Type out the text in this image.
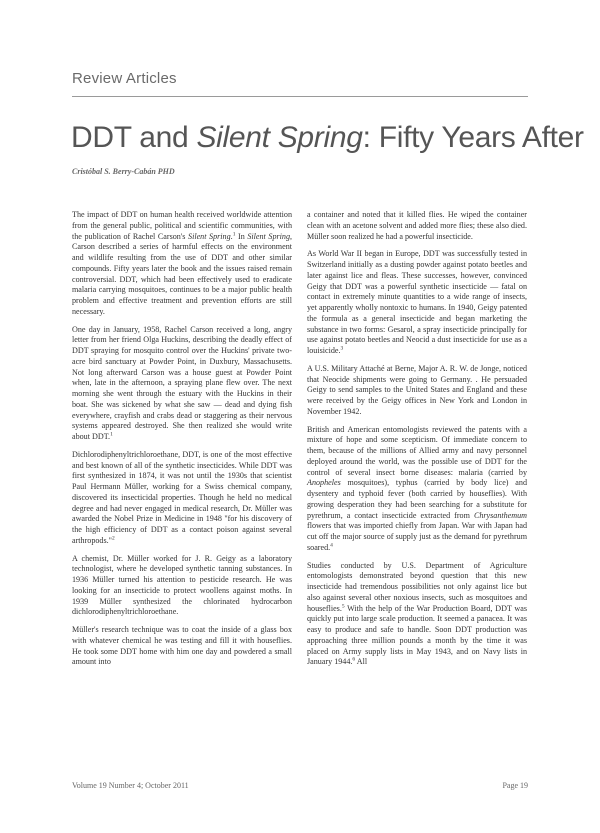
Review Articles
DDT and Silent Spring: Fifty Years After
Cristóbal S. Berry-Cabán PHD

The impact of DDT on human health received worldwide attention from the general public, political and scientific communities, with the publication of Rachel Carson's Silent Spring.$^1$ In Silent Spring, Carson described a series of harmful effects on the environment and wildlife resulting from the use of DDT and other similar compounds. Fifty years later the book and the issues raised remain controversial. DDT, which had been effectively used to eradicate malaria carrying mosquitoes, continues to be a major public health problem and effective treatment and prevention efforts are still necessary.

One day in January, 1958, Rachel Carson received a long, angry letter from her friend Olga Huckins, describing the deadly effect of DDT spraying for mosquito control over the Huckins' private two-acre bird sanctuary at Powder Point, in Duxbury, Massachusetts. Not long afterward Carson was a house guest at Powder Point when, late in the afternoon, a spraying plane flew over. The next morning she went through the estuary with the Huckins in their boat. She was sickened by what she saw — dead and dying fish everywhere, crayfish and crabs dead or staggering as their nervous systems appeared destroyed. She then realized she would write about DDT.$^1$

Dichlorodiphenyltrichloroethane, DDT, is one of the most effective and best known of all of the synthetic insecticides. While DDT was first synthesized in 1874, it was not until the 1930s that scientist Paul Hermann Müller, working for a Swiss chemical company, discovered its insecticidal properties. Though he held no medical degree and had never engaged in medical research, Dr. Müller was awarded the Nobel Prize in Medicine in 1948 "for his discovery of the high efficiency of DDT as a contact poison against several arthropods."$^2$

A chemist, Dr. Müller worked for J. R. Geigy as a laboratory technologist, where he developed synthetic tanning substances. In 1936 Müller turned his attention to pesticide research. He was looking for an insecticide to protect woollens against moths. In 1939 Müller synthesized the chlorinated hydrocarbon dichlorodiphenyltrichloroethane.

Müller's research technique was to coat the inside of a glass box with whatever chemical he was testing and fill it with houseflies. He took some DDT home with him one day and powdered a small amount into

a container and noted that it killed flies. He wiped the container clean with an acetone solvent and added more flies; these also died. Müller soon realized he had a powerful insecticide.

As World War II began in Europe, DDT was successfully tested in Switzerland initially as a dusting powder against potato beetles and later against lice and fleas. These successes, however, convinced Geigy that DDT was a powerful synthetic insecticide — fatal on contact in extremely minute quantities to a wide range of insects, yet apparently wholly nontoxic to humans. In 1940, Geigy patented the formula as a general insecticide and began marketing the substance in two forms: Gesarol, a spray insecticide principally for use against potato beetles and Neocid a dust insecticide for use as a louisicide.$^3$

A U.S. Military Attaché at Berne, Major A. R. W. de Jonge, noticed that Neocide shipments were going to Germany. . He persuaded Geigy to send samples to the United States and England and these were received by the Geigy offices in New York and London in November 1942.

British and American entomologists reviewed the patents with a mixture of hope and some scepticism. Of immediate concern to them, because of the millions of Allied army and navy personnel deployed around the world, was the possible use of DDT for the control of several insect borne diseases: malaria (carried by Anopheles mosquitoes), typhus (carried by body lice) and dysentery and typhoid fever (both carried by houseflies). With growing desperation they had been searching for a substitute for pyrethrum, a contact insecticide extracted from Chrysanthemum flowers that was imported chiefly from Japan. War with Japan had cut off the major source of supply just as the demand for pyrethrum soared.$^4$

Studies conducted by U.S. Department of Agriculture entomologists demonstrated beyond question that this new insecticide had tremendous possibilities not only against lice but also against several other noxious insects, such as mosquitoes and houseflies.$^5$ With the help of the War Production Board, DDT was quickly put into large scale production. It seemed a panacea. It was easy to produce and safe to handle. Soon DDT production was approaching three million pounds a month by the time it was placed on Army supply lists in May 1943, and on Navy lists in January 1944.$^6$ All

Volume 19 Number 4; October 2011	Page 19
